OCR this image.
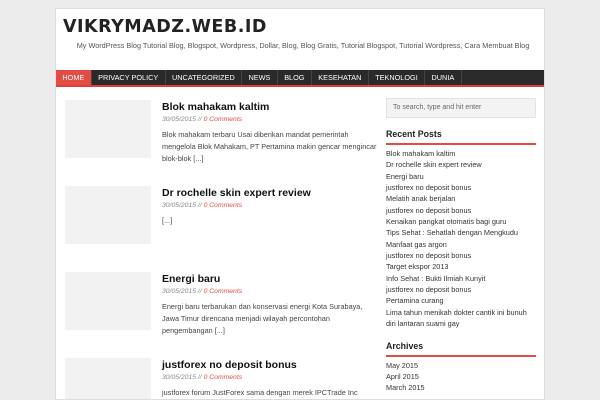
VIKRYMADZ.WEB.ID
My WordPress Blog Tutorial Blog, Blogspot, Wordpress, Dollar, Blog, Blog Gratis, Tutorial Blogspot, Tutorial Wordpress, Cara Membuat Blog
HOME	PRIVACY POLICY	UNCATEGORIZED	NEWS	BLOG	KESEHATAN	TEKNOLOGI	DUNIA
Blok mahakam kaltim
30/05/2015 // 0 Comments
Blok mahakam terbaru Usai diberikan mandat pemerintah mengelola Blok Mahakam, PT Pertamina makin gencar mengincar blok-blok [...]
Dr rochelle skin expert review
30/05/2015 // 0 Comments
[...]
Energi baru
30/05/2015 // 0 Comments
Energi baru terbarukan dan konservasi energi Kota Surabaya, Jawa Timur direncana menjadi wilayah percontohan pengembangan [...]
justforex no deposit bonus
30/05/2015 // 0 Comments
justforex forum JustForex sama dengan merek IPCTrade Inc
To search, type and hit enter
Recent Posts
Blok mahakam kaltim
Dr rochelle skin expert review
Energi baru
justforex no deposit bonus
Melatih anak berjalan
justforex no deposit bonus
Kenaikan pangkat otomatis bagi guru
Tips Sehat : Sehatlah dengan Mengkudu
Manfaat gas argon
justforex no deposit bonus
Target ekspor 2013
Info Sehat : Bukti Ilmiah Kunyit
justforex no deposit bonus
Pertamina curang
Lima tahun menikah dokter cantik ini bunuh diri lantaran suami gay
Archives
May 2015
April 2015
March 2015
